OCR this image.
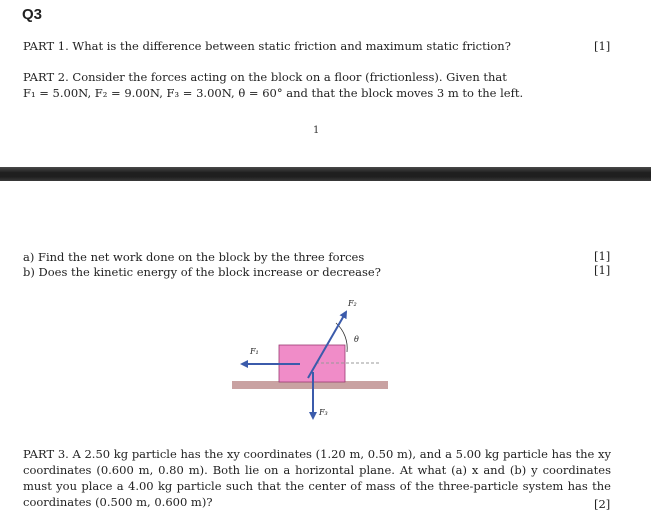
Q3
PART 1. What is the difference between static friction and maximum static friction?	[1]
PART 2. Consider the forces acting on the block on a floor (frictionless). Given that
F₁ = 5.00N, F₂ = 9.00N, F₃ = 3.00N, θ = 60° and that the block moves 3 m to the left.
1
a) Find the net work done on the block by the three forces
b) Does the kinetic energy of the block increase or decrease?
[1]
[1]
F₁
F₂
F₃
θ
PART 3. A 2.50 kg particle has the xy coordinates (1.20 m, 0.50 m), and a 5.00 kg particle has the xy coordinates (0.600 m, 0.80 m). Both lie on a horizontal plane. At what (a) x and (b) y coordinates must you place a 4.00 kg particle such that the center of mass of the three-particle system has the coordinates (0.500 m, 0.600 m)?	[2]
